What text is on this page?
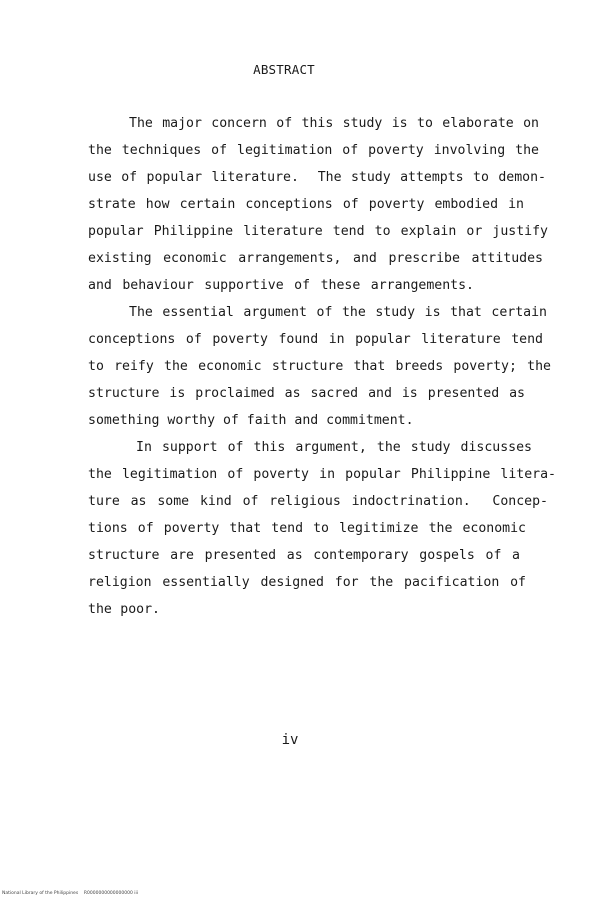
ABSTRACT
The major concern of this study is to elaborate on
the techniques of legitimation of poverty involving the
use of popular literature.  The study attempts to demon-
strate how certain conceptions of poverty embodied in
popular Philippine literature tend to explain or justify
existing economic arrangements, and prescribe attitudes
and behaviour supportive of these arrangements.
The essential argument of the study is that certain
conceptions of poverty found in popular literature tend
to reify the economic structure that breeds poverty; the
structure is proclaimed as sacred and is presented as
something worthy of faith and commitment.
In support of this argument, the study discusses
the legitimation of poverty in popular Philippine litera-
ture as some kind of religious indoctrination.  Concep-
tions of poverty that tend to legitimize the economic
structure are presented as contemporary gospels of a
religion essentially designed for the pacification of
the poor.
iv
National Library of the Philippines    R0000000000000000 iii
